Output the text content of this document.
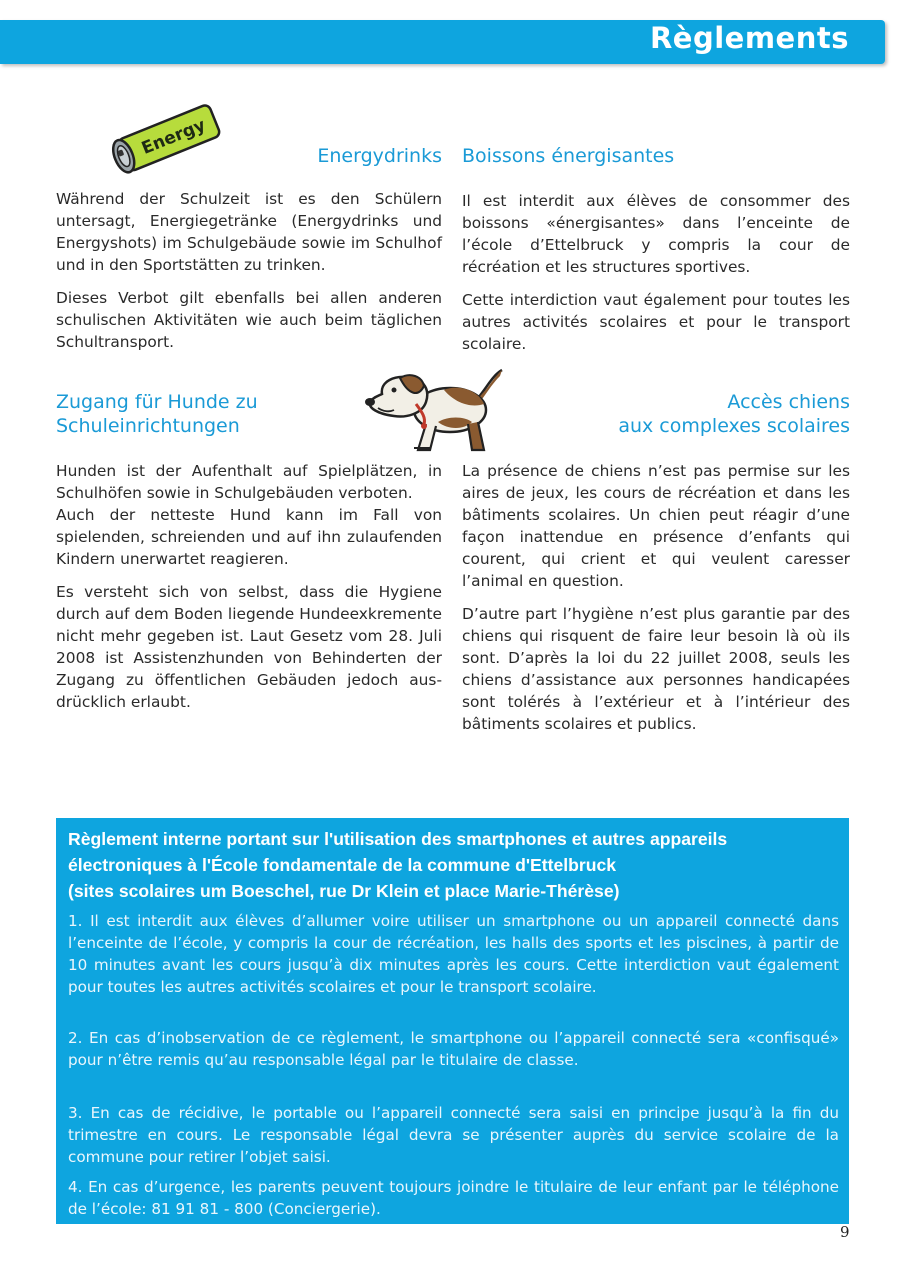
Règlements
Energy	Energydrinks Boissons énergisantes

Während der Schulzeit ist es den Schülern untersagt, Energiegetränke (Energydrinks und Energyshots) im Schulgebäude sowie im Schulhof und in den Sportstätten zu trinken.

Dieses Verbot gilt ebenfalls bei allen anderen schulischen Aktivitäten wie auch beim täglichen Schultransport.

Il est interdit aux élèves de consommer des boissons «énergisantes» dans l’enceinte de l’école d’Ettelbruck y compris la cour de récréation et les structures sportives.

Cette interdiction vaut également pour toutes les autres activités scolaires et pour le transport scolaire.

Zugang für Hunde zu
Schuleinrichtungen
Accès chiens
aux complexes scolaires

Hunden ist der Aufenthalt auf Spielplätzen, in Schulhöfen sowie in Schulgebäuden verboten.
Auch der netteste Hund kann im Fall von spielenden, schreienden und auf ihn zulaufenden Kindern unerwartet reagieren.

Es versteht sich von selbst, dass die Hygiene durch auf dem Boden liegende Hundeexkremente nicht mehr gegeben ist. Laut Gesetz vom 28. Juli 2008 ist Assistenzhunden von Behinderten der Zugang zu öffentlichen Gebäuden jedoch ausdrücklich erlaubt.

La présence de chiens n’est pas permise sur les aires de jeux, les cours de récréation et dans les bâtiments scolaires. Un chien peut réagir d’une façon inattendue en présence d’enfants qui courent, qui crient et qui veulent caresser l’animal en question.

D’autre part l’hygiène n’est plus garantie par des chiens qui risquent de faire leur besoin là où ils sont. D’après la loi du 22 juillet 2008, seuls les chiens d’assistance aux personnes handicapées sont tolérés à l’extérieur et à l’intérieur des bâtiments scolaires et publics.

Règlement interne portant sur l'utilisation des smartphones et autres appareils
électroniques à l'École fondamentale de la commune d'Ettelbruck
(sites scolaires um Boeschel, rue Dr Klein et place Marie-Thérèse)
1. Il est interdit aux élèves d’allumer voire utiliser un smartphone ou un appareil connecté dans l’enceinte de l’école, y compris la cour de récréation, les halls des sports et les piscines, à partir de 10 minutes avant les cours jusqu’à dix minutes après les cours. Cette interdiction vaut également pour toutes les autres activités scolaires et pour le transport scolaire.
2. En cas d’inobservation de ce règlement, le smartphone ou l’appareil connecté sera «confisqué» pour n’être remis qu’au responsable légal par le titulaire de classe.
3. En cas de récidive, le portable ou l’appareil connecté sera saisi en principe jusqu’à la fin du trimestre en cours. Le responsable légal devra se présenter auprès du service scolaire de la commune pour retirer l’objet saisi.
4. En cas d’urgence, les parents peuvent toujours joindre le titulaire de leur enfant par le téléphone de l’école: 81 91 81 - 800 (Conciergerie).
9
